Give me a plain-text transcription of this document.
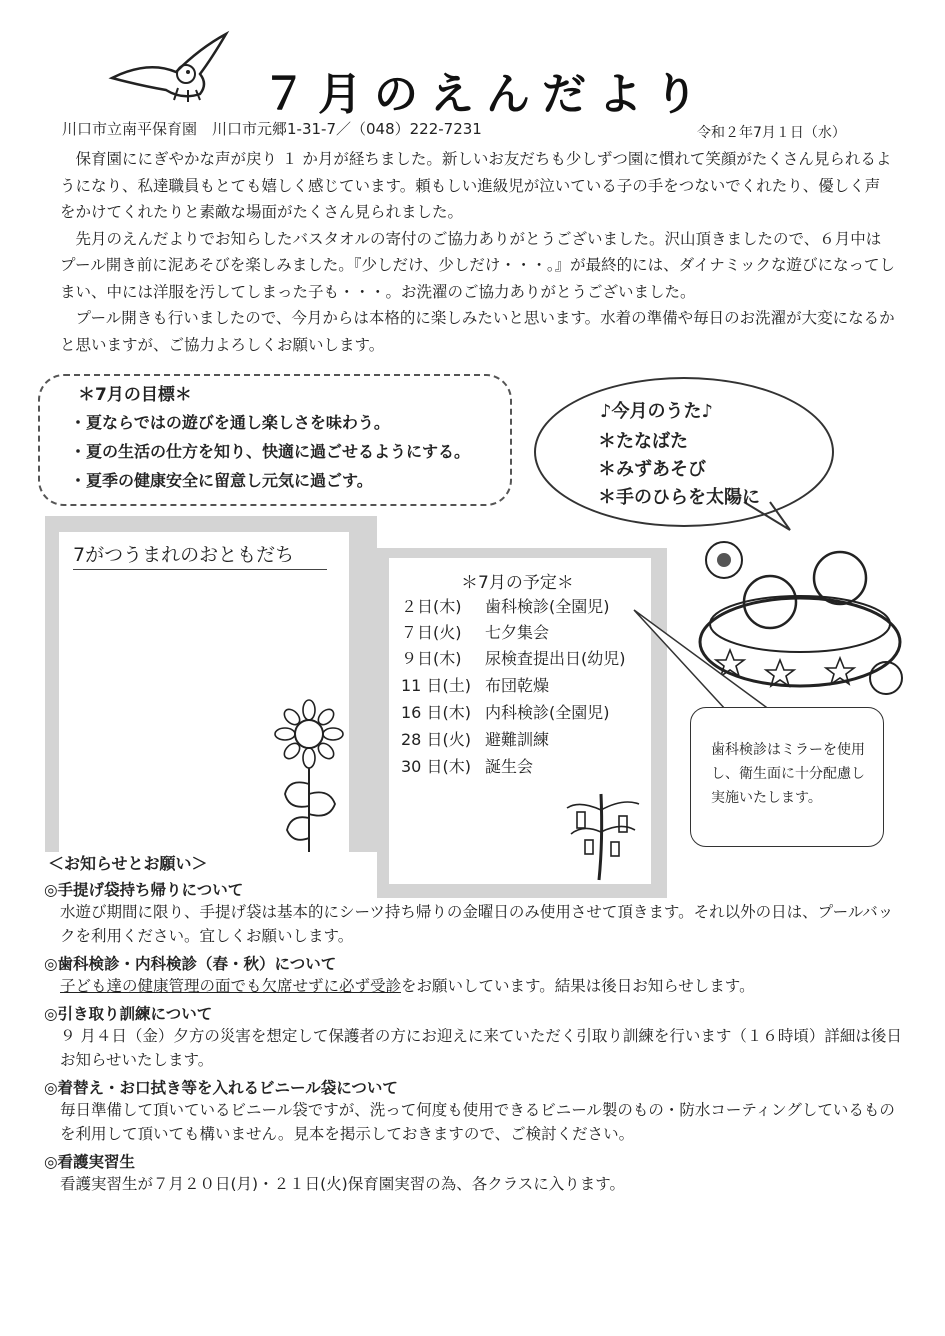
７月のえんだより
川口市立南平保育園　川口市元郷1-31-7／（048）222-7231	令和２年7月１日（水）

保育園ににぎやかな声が戻り １ か月が経ちました。新しいお友だちも少しずつ園に慣れて笑顔がたくさん見られるようになり、私達職員もとても嬉しく感じています。頼もしい進級児が泣いている子の手をつないでくれたり、優しく声をかけてくれたりと素敵な場面がたくさん見られました。

先月のえんだよりでお知らしたバスタオルの寄付のご協力ありがとうございました。沢山頂きましたので、６月中はプール開き前に泥あそびを楽しみました。『少しだけ、少しだけ・・・。』が最終的には、ダイナミックな遊びになってしまい、中には洋服を汚してしまった子も・・・。お洗濯のご協力ありがとうございました。

プール開きも行いましたので、今月からは本格的に楽しみたいと思います。水着の準備や毎日のお洗濯が大変になるかと思いますが、ご協力よろしくお願いします。

＊7月の目標＊
・夏ならではの遊びを通し楽しさを味わう。
・夏の生活の仕方を知り、快適に過ごせるようにする。
・夏季の健康安全に留意し元気に過ごす。
♪今月のうた♪
＊たなばた
＊みずあそび
＊手のひらを太陽に
7がつうまれのおともだち
＊7月の予定＊
２日(木) 歯科検診(全園児)
７日(火) 七夕集会
９日(木) 尿検査提出日(幼児)
11 日(土) 布団乾燥
16 日(木) 内科検診(全園児)
28 日(火) 避難訓練
30 日(木) 誕生会
歯科検診はミラーを使用し、衛生面に十分配慮し実施いたします。
＜お知らせとお願い＞
◎手提げ袋持ち帰りについて
水遊び期間に限り、手提げ袋は基本的にシーツ持ち帰りの金曜日のみ使用させて頂きます。それ以外の日は、プールバックを利用ください。宜しくお願いします。
◎歯科検診・内科検診（春・秋）について
子ども達の健康管理の面でも欠席せずに必ず受診をお願いしています。結果は後日お知らせします。
◎引き取り訓練について
９ 月４日（金）夕方の災害を想定して保護者の方にお迎えに来ていただく引取り訓練を行います（１６時頃）詳細は後日お知らせいたします。
◎着替え・お口拭き等を入れるビニール袋について
毎日準備して頂いているビニール袋ですが、洗って何度も使用できるビニール製のもの・防水コーティングしているものを利用して頂いても構いません。見本を掲示しておきますので、ご検討ください。
◎看護実習生
看護実習生が７月２０日(月)・２１日(火)保育園実習の為、各クラスに入ります。
